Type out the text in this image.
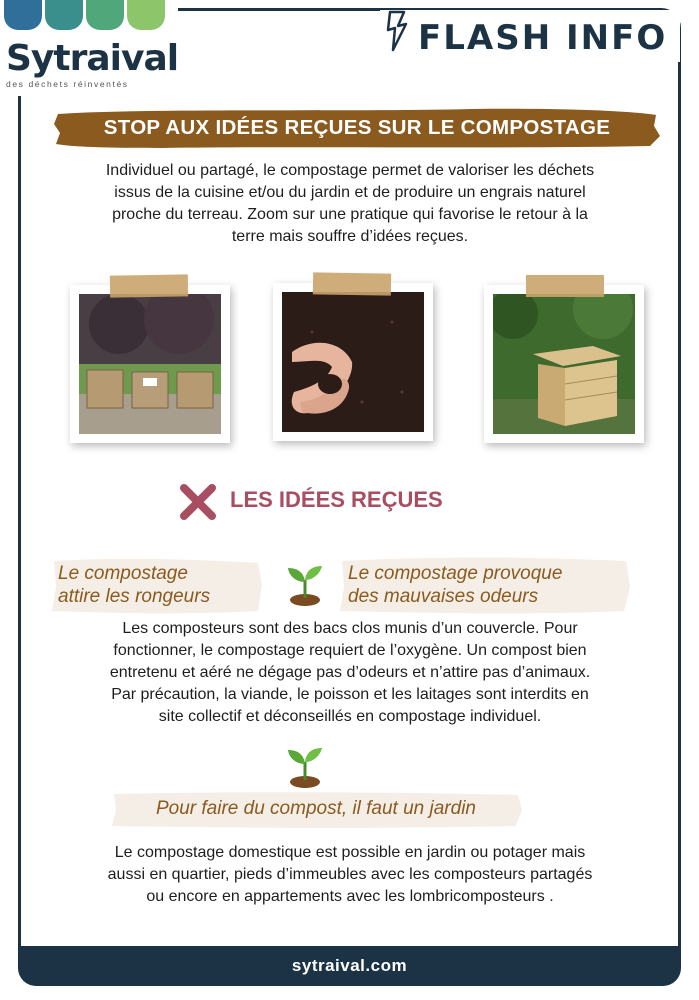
Sytraival
des déchets réinventés
FLASH INFO
STOP AUX IDÉES REÇUES SUR LE COMPOSTAGE
Individuel ou partagé, le compostage permet de valoriser les déchets
issus de la cuisine et/ou du jardin et de produire un engrais naturel
proche du terreau. Zoom sur une pratique qui favorise le retour à la
terre mais souffre d’idées reçues.
LES IDÉES REÇUES
Le compostage
attire les rongeurs
Le compostage provoque
des mauvaises odeurs
Les composteurs sont des bacs clos munis d’un couvercle. Pour
fonctionner, le compostage requiert de l’oxygène. Un compost bien
entretenu et aéré ne dégage pas d’odeurs et n’attire pas d’animaux.
Par précaution, la viande, le poisson et les laitages sont interdits en
site collectif et déconseillés en compostage individuel.
Pour faire du compost, il faut un jardin
Le compostage domestique est possible en jardin ou potager mais
aussi en quartier, pieds d’immeubles avec les composteurs partagés
ou encore en appartements avec les lombricomposteurs .
sytraival.com
